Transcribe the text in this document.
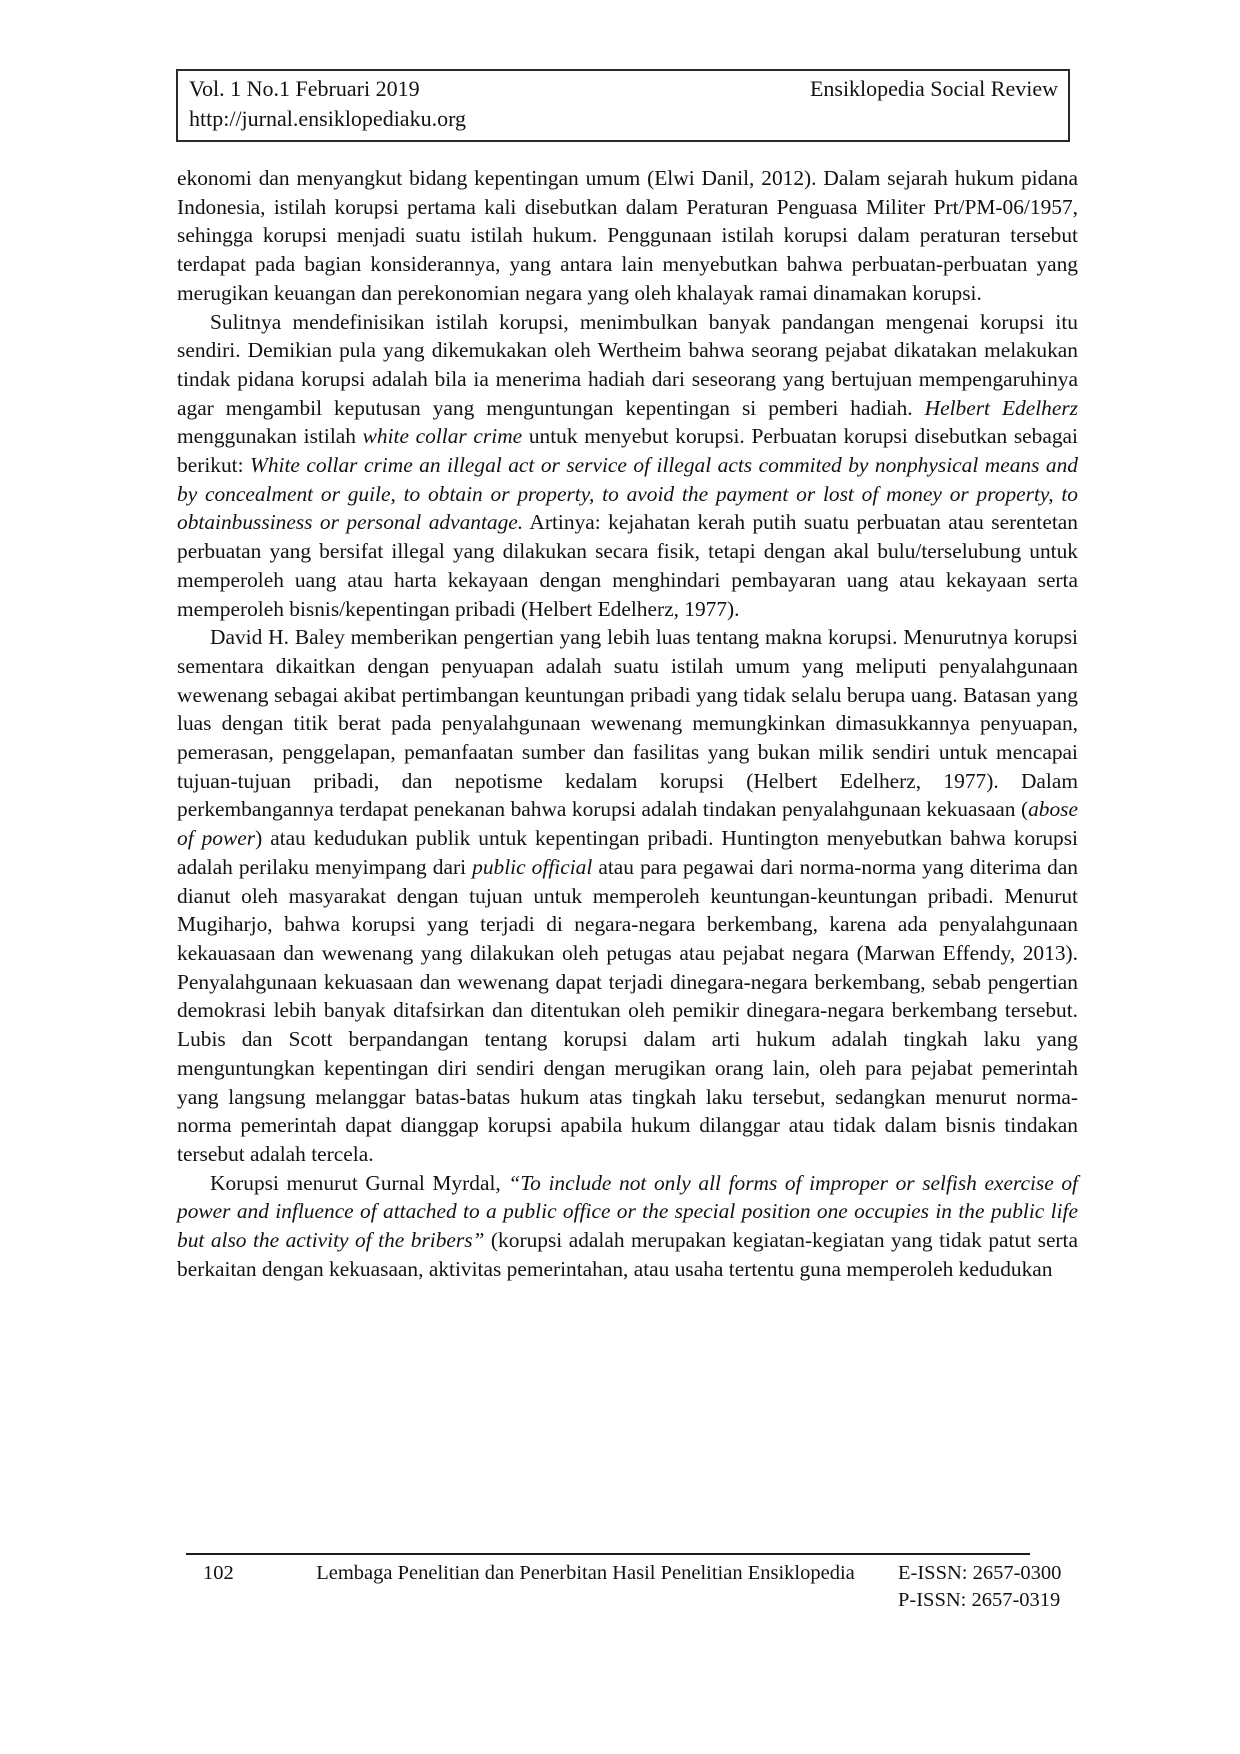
Vol. 1 No.1 Februari 2019	Ensiklopedia Social Review
http://jurnal.ensiklopediaku.org

ekonomi dan menyangkut bidang kepentingan umum (Elwi Danil, 2012). Dalam sejarah hukum pidana Indonesia, istilah korupsi pertama kali disebutkan dalam Peraturan Penguasa Militer Prt/PM-06/1957, sehingga korupsi menjadi suatu istilah hukum. Penggunaan istilah korupsi dalam peraturan tersebut terdapat pada bagian konsiderannya, yang antara lain menyebutkan bahwa perbuatan-perbuatan yang merugikan keuangan dan perekonomian negara yang oleh khalayak ramai dinamakan korupsi.

Sulitnya mendefinisikan istilah korupsi, menimbulkan banyak pandangan mengenai korupsi itu sendiri. Demikian pula yang dikemukakan oleh Wertheim bahwa seorang pejabat dikatakan melakukan tindak pidana korupsi adalah bila ia menerima hadiah dari seseorang yang bertujuan mempengaruhinya agar mengambil keputusan yang menguntungan kepentingan si pemberi hadiah. Helbert Edelherz menggunakan istilah white collar crime untuk menyebut korupsi. Perbuatan korupsi disebutkan sebagai berikut: White collar crime an illegal act or service of illegal acts commited by nonphysical means and by concealment or guile, to obtain or property, to avoid the payment or lost of money or property, to obtainbussiness or personal advantage. Artinya: kejahatan kerah putih suatu perbuatan atau serentetan perbuatan yang bersifat illegal yang dilakukan secara fisik, tetapi dengan akal bulu/terselubung untuk memperoleh uang atau harta kekayaan dengan menghindari pembayaran uang atau kekayaan serta memperoleh bisnis/kepentingan pribadi (Helbert Edelherz, 1977).

David H. Baley memberikan pengertian yang lebih luas tentang makna korupsi. Menurutnya korupsi sementara dikaitkan dengan penyuapan adalah suatu istilah umum yang meliputi penyalahgunaan wewenang sebagai akibat pertimbangan keuntungan pribadi yang tidak selalu berupa uang. Batasan yang luas dengan titik berat pada penyalahgunaan wewenang memungkinkan dimasukkannya penyuapan, pemerasan, penggelapan, pemanfaatan sumber dan fasilitas yang bukan milik sendiri untuk mencapai tujuan-tujuan pribadi, dan nepotisme kedalam korupsi (Helbert Edelherz, 1977). Dalam perkembangannya terdapat penekanan bahwa korupsi adalah tindakan penyalahgunaan kekuasaan (abose of power) atau kedudukan publik untuk kepentingan pribadi. Huntington menyebutkan bahwa korupsi adalah perilaku menyimpang dari public official atau para pegawai dari norma-norma yang diterima dan dianut oleh masyarakat dengan tujuan untuk memperoleh keuntungan-keuntungan pribadi. Menurut Mugiharjo, bahwa korupsi yang terjadi di negara-negara berkembang, karena ada penyalahgunaan kekauasaan dan wewenang yang dilakukan oleh petugas atau pejabat negara (Marwan Effendy, 2013). Penyalahgunaan kekuasaan dan wewenang dapat terjadi dinegara-negara berkembang, sebab pengertian demokrasi lebih banyak ditafsirkan dan ditentukan oleh pemikir dinegara-negara berkembang tersebut. Lubis dan Scott berpandangan tentang korupsi dalam arti hukum adalah tingkah laku yang menguntungkan kepentingan diri sendiri dengan merugikan orang lain, oleh para pejabat pemerintah yang langsung melanggar batas-batas hukum atas tingkah laku tersebut, sedangkan menurut norma-norma pemerintah dapat dianggap korupsi apabila hukum dilanggar atau tidak dalam bisnis tindakan tersebut adalah tercela.

Korupsi menurut Gurnal Myrdal, “To include not only all forms of improper or selfish exercise of power and influence of attached to a public office or the special position one occupies in the public life but also the activity of the bribers” (korupsi adalah merupakan kegiatan-kegiatan yang tidak patut serta berkaitan dengan kekuasaan, aktivitas pemerintahan, atau usaha tertentu guna memperoleh kedudukan

102	Lembaga Penelitian dan Penerbitan Hasil Penelitian Ensiklopedia	E-ISSN: 2657-0300
P-ISSN: 2657-0319
